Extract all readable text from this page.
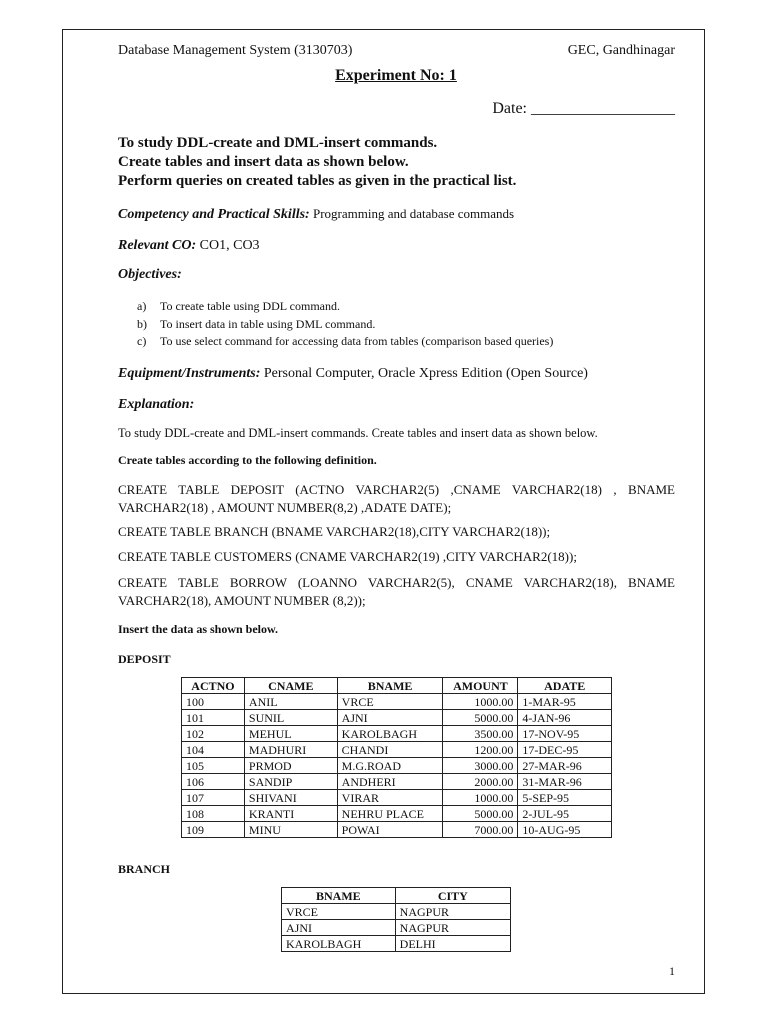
Database Management System (3130703)	GEC, Gandhinagar
Experiment No: 1
Date: __________________
To study DDL-create and DML-insert commands.
Create tables and insert data as shown below.
Perform queries on created tables as given in the practical list.
Competency and Practical Skills: Programming and database commands
Relevant CO: CO1, CO3
Objectives:
a)	To create table using DDL command.
b)	To insert data in table using DML command.
c)	To use select command for accessing data from tables (comparison based queries)
Equipment/Instruments: Personal Computer, Oracle Xpress Edition (Open Source)
Explanation:
To study DDL-create and DML-insert commands. Create tables and insert data as shown below.
Create tables according to the following definition.
CREATE TABLE DEPOSIT (ACTNO VARCHAR2(5) ,CNAME VARCHAR2(18) , BNAME
VARCHAR2(18) , AMOUNT NUMBER(8,2) ,ADATE DATE);
CREATE TABLE BRANCH (BNAME VARCHAR2(18),CITY VARCHAR2(18));
CREATE TABLE CUSTOMERS (CNAME VARCHAR2(19) ,CITY VARCHAR2(18));
CREATE TABLE BORROW (LOANNO VARCHAR2(5), CNAME VARCHAR2(18), BNAME
VARCHAR2(18), AMOUNT NUMBER (8,2));
Insert the data as shown below.
DEPOSIT
ACTNO	CNAME	BNAME	AMOUNT	ADATE
100	ANIL	VRCE	1000.00	1-MAR-95
101	SUNIL	AJNI	5000.00	4-JAN-96
102	MEHUL	KAROLBAGH	3500.00	17-NOV-95
104	MADHURI	CHANDI	1200.00	17-DEC-95
105	PRMOD	M.G.ROAD	3000.00	27-MAR-96
106	SANDIP	ANDHERI	2000.00	31-MAR-96
107	SHIVANI	VIRAR	1000.00	5-SEP-95
108	KRANTI	NEHRU PLACE	5000.00	2-JUL-95
109	MINU	POWAI	7000.00	10-AUG-95
BRANCH
BNAME	CITY
VRCE	NAGPUR
AJNI	NAGPUR
KAROLBAGH	DELHI
1
